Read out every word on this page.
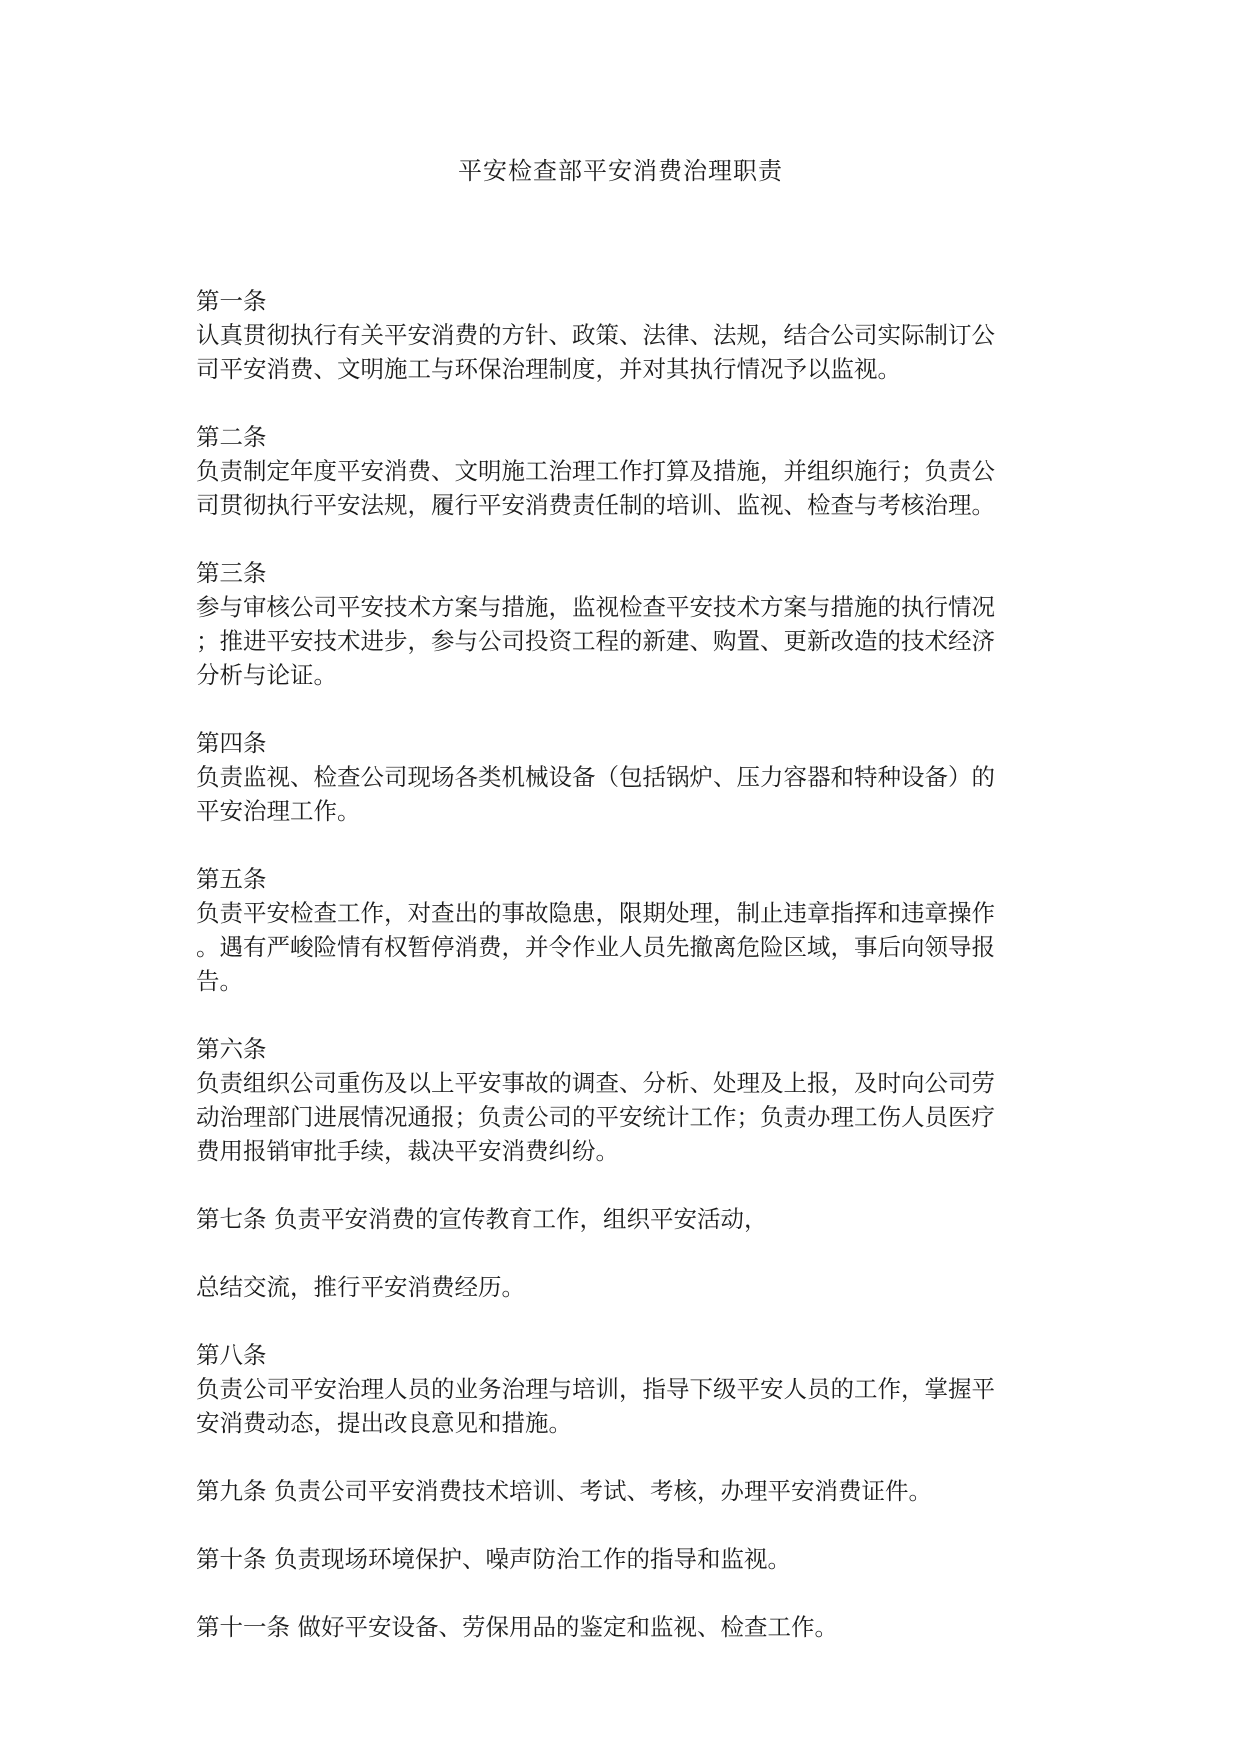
平安检查部平安消费治理职责
第一条
认真贯彻执行有关平安消费的方针、政策、法律、法规，结合公司实际制订公
司平安消费、文明施工与环保治理制度，并对其执行情况予以监视。
第二条
负责制定年度平安消费、文明施工治理工作打算及措施，并组织施行；负责公
司贯彻执行平安法规，履行平安消费责任制的培训、监视、检查与考核治理。
第三条
参与审核公司平安技术方案与措施，监视检查平安技术方案与措施的执行情况
；推进平安技术进步，参与公司投资工程的新建、购置、更新改造的技术经济
分析与论证。
第四条
负责监视、检查公司现场各类机械设备（包括锅炉、压力容器和特种设备）的
平安治理工作。
第五条
负责平安检查工作，对查出的事故隐患，限期处理，制止违章指挥和违章操作
。遇有严峻险情有权暂停消费，并令作业人员先撤离危险区域，事后向领导报
告。
第六条
负责组织公司重伤及以上平安事故的调查、分析、处理及上报，及时向公司劳
动治理部门进展情况通报；负责公司的平安统计工作；负责办理工伤人员医疗
费用报销审批手续，裁决平安消费纠纷。
第七条 负责平安消费的宣传教育工作，组织平安活动，
总结交流，推行平安消费经历。
第八条
负责公司平安治理人员的业务治理与培训，指导下级平安人员的工作，掌握平
安消费动态，提出改良意见和措施。
第九条 负责公司平安消费技术培训、考试、考核，办理平安消费证件。
第十条 负责现场环境保护、噪声防治工作的指导和监视。
第十一条 做好平安设备、劳保用品的鉴定和监视、检查工作。
